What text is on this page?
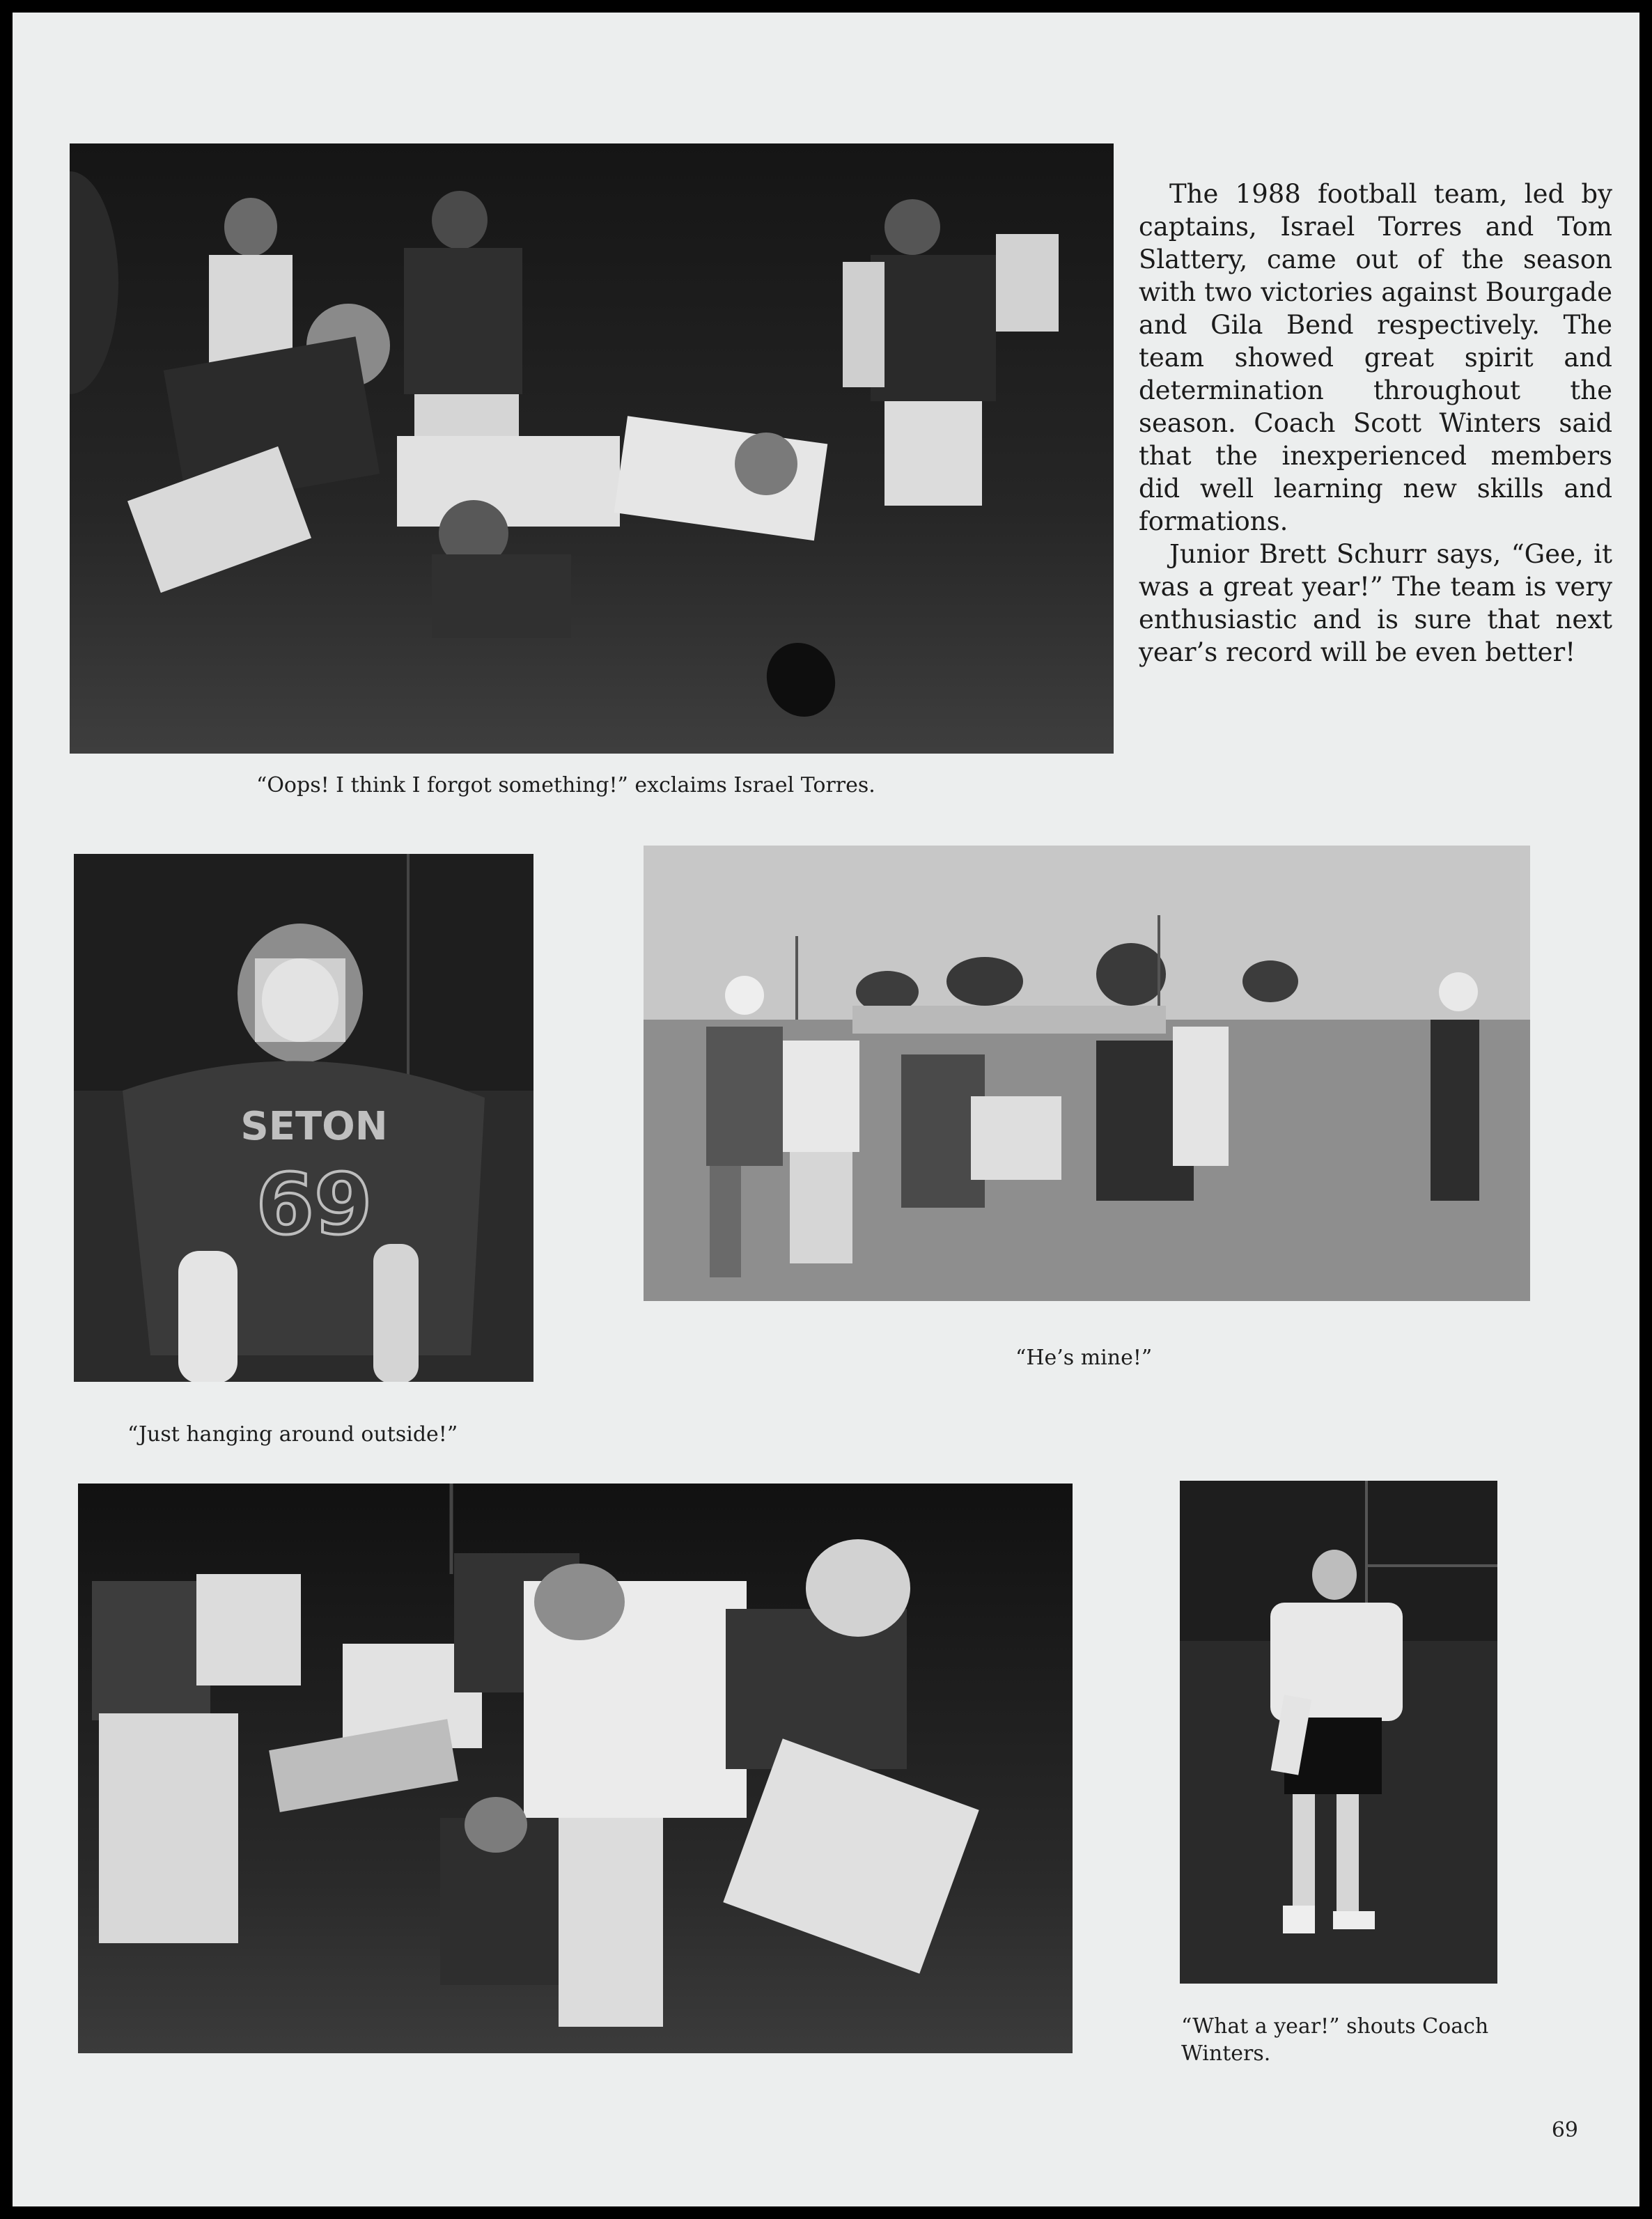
“Oops! I think I forgot something!” exclaims Israel Torres.

The 1988 football team, led by captains, Israel Torres and Tom Slattery, came out of the season with two victories against Bourgade and Gila Bend respectively. The team showed great spirit and determination throughout the season. Coach Scott Winters said that the inexperienced members did well learning new skills and formations.

Junior Brett Schurr says, “Gee, it was a great year!” The team is very enthusiastic and is sure that next year’s record will be even better!

SETON
69
“Just hanging around outside!”
“He’s mine!”
“What a year!” shouts Coach Winters.
69
